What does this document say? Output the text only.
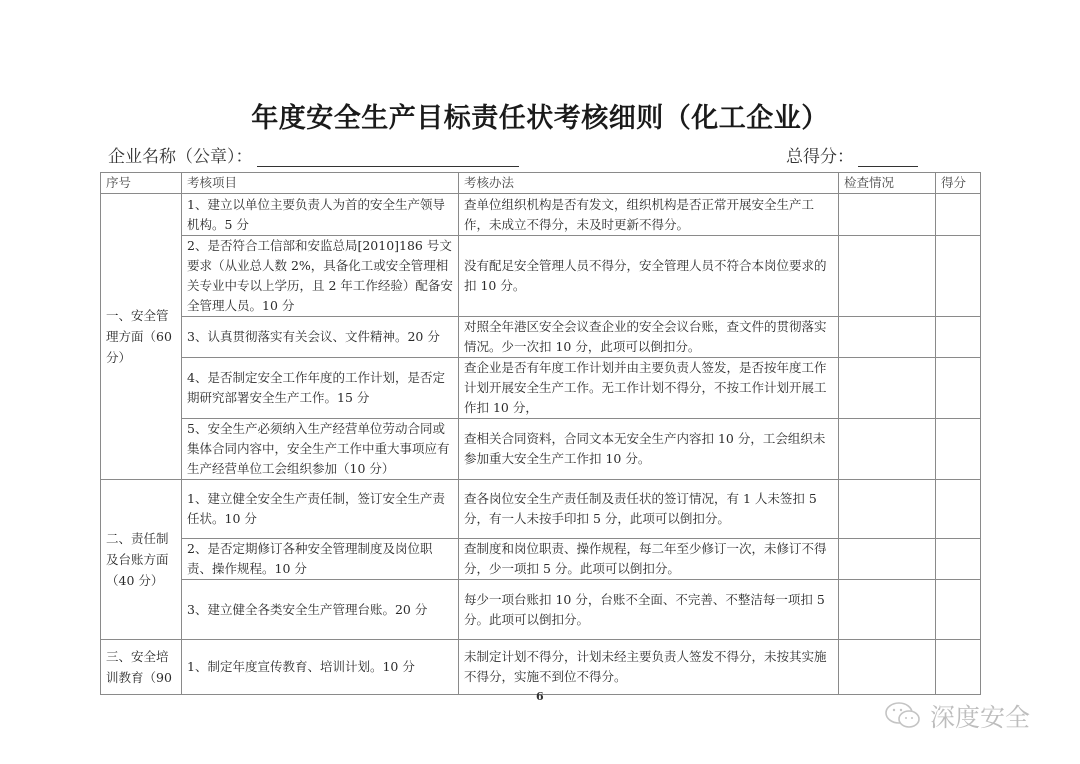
年度安全生产目标责任状考核细则（化工企业）
企业名称（公章）：	总得分：
序号	考核项目	考核办法	检查情况	得分
一、安全管理方面（60分）	1、建立以单位主要负责人为首的安全生产领导机构。5 分	查单位组织机构是否有发文，组织机构是否正常开展安全生产工作，未成立不得分，未及时更新不得分。		
	2、是否符合工信部和安监总局[2010]186 号文要求（从业总人数 2%，具备化工或安全管理相关专业中专以上学历，且 2 年工作经验）配备安全管理人员。10 分	没有配足安全管理人员不得分，安全管理人员不符合本岗位要求的扣 10 分。		
	3、认真贯彻落实有关会议、文件精神。20 分	对照全年港区安全会议查企业的安全会议台账，查文件的贯彻落实情况。少一次扣 10 分，此项可以倒扣分。		
	4、是否制定安全工作年度的工作计划，是否定期研究部署安全生产工作。15 分	查企业是否有年度工作计划并由主要负责人签发，是否按年度工作计划开展安全生产工作。无工作计划不得分，不按工作计划开展工作扣 10 分，		
	5、安全生产必须纳入生产经营单位劳动合同或集体合同内容中，安全生产工作中重大事项应有生产经营单位工会组织参加（10 分）	查相关合同资料，合同文本无安全生产内容扣 10 分，工会组织未参加重大安全生产工作扣 10 分。		
二、责任制及台账方面（40 分）	1、建立健全安全生产责任制，签订安全生产责任状。10 分	查各岗位安全生产责任制及责任状的签订情况，有 1 人未签扣 5 分，有一人未按手印扣 5 分，此项可以倒扣分。		
	2、是否定期修订各种安全管理制度及岗位职责、操作规程。10 分	查制度和岗位职责、操作规程，每二年至少修订一次，未修订不得分，少一项扣 5 分。此项可以倒扣分。		
	3、建立健全各类安全生产管理台账。20 分	每少一项台账扣 10 分，台账不全面、不完善、不整洁每一项扣 5 分。此项可以倒扣分。		
三、安全培训教育（90	1、制定年度宣传教育、培训计划。10 分	未制定计划不得分，计划未经主要负责人签发不得分，未按其实施不得分，实施不到位不得分。		
6
深度安全
